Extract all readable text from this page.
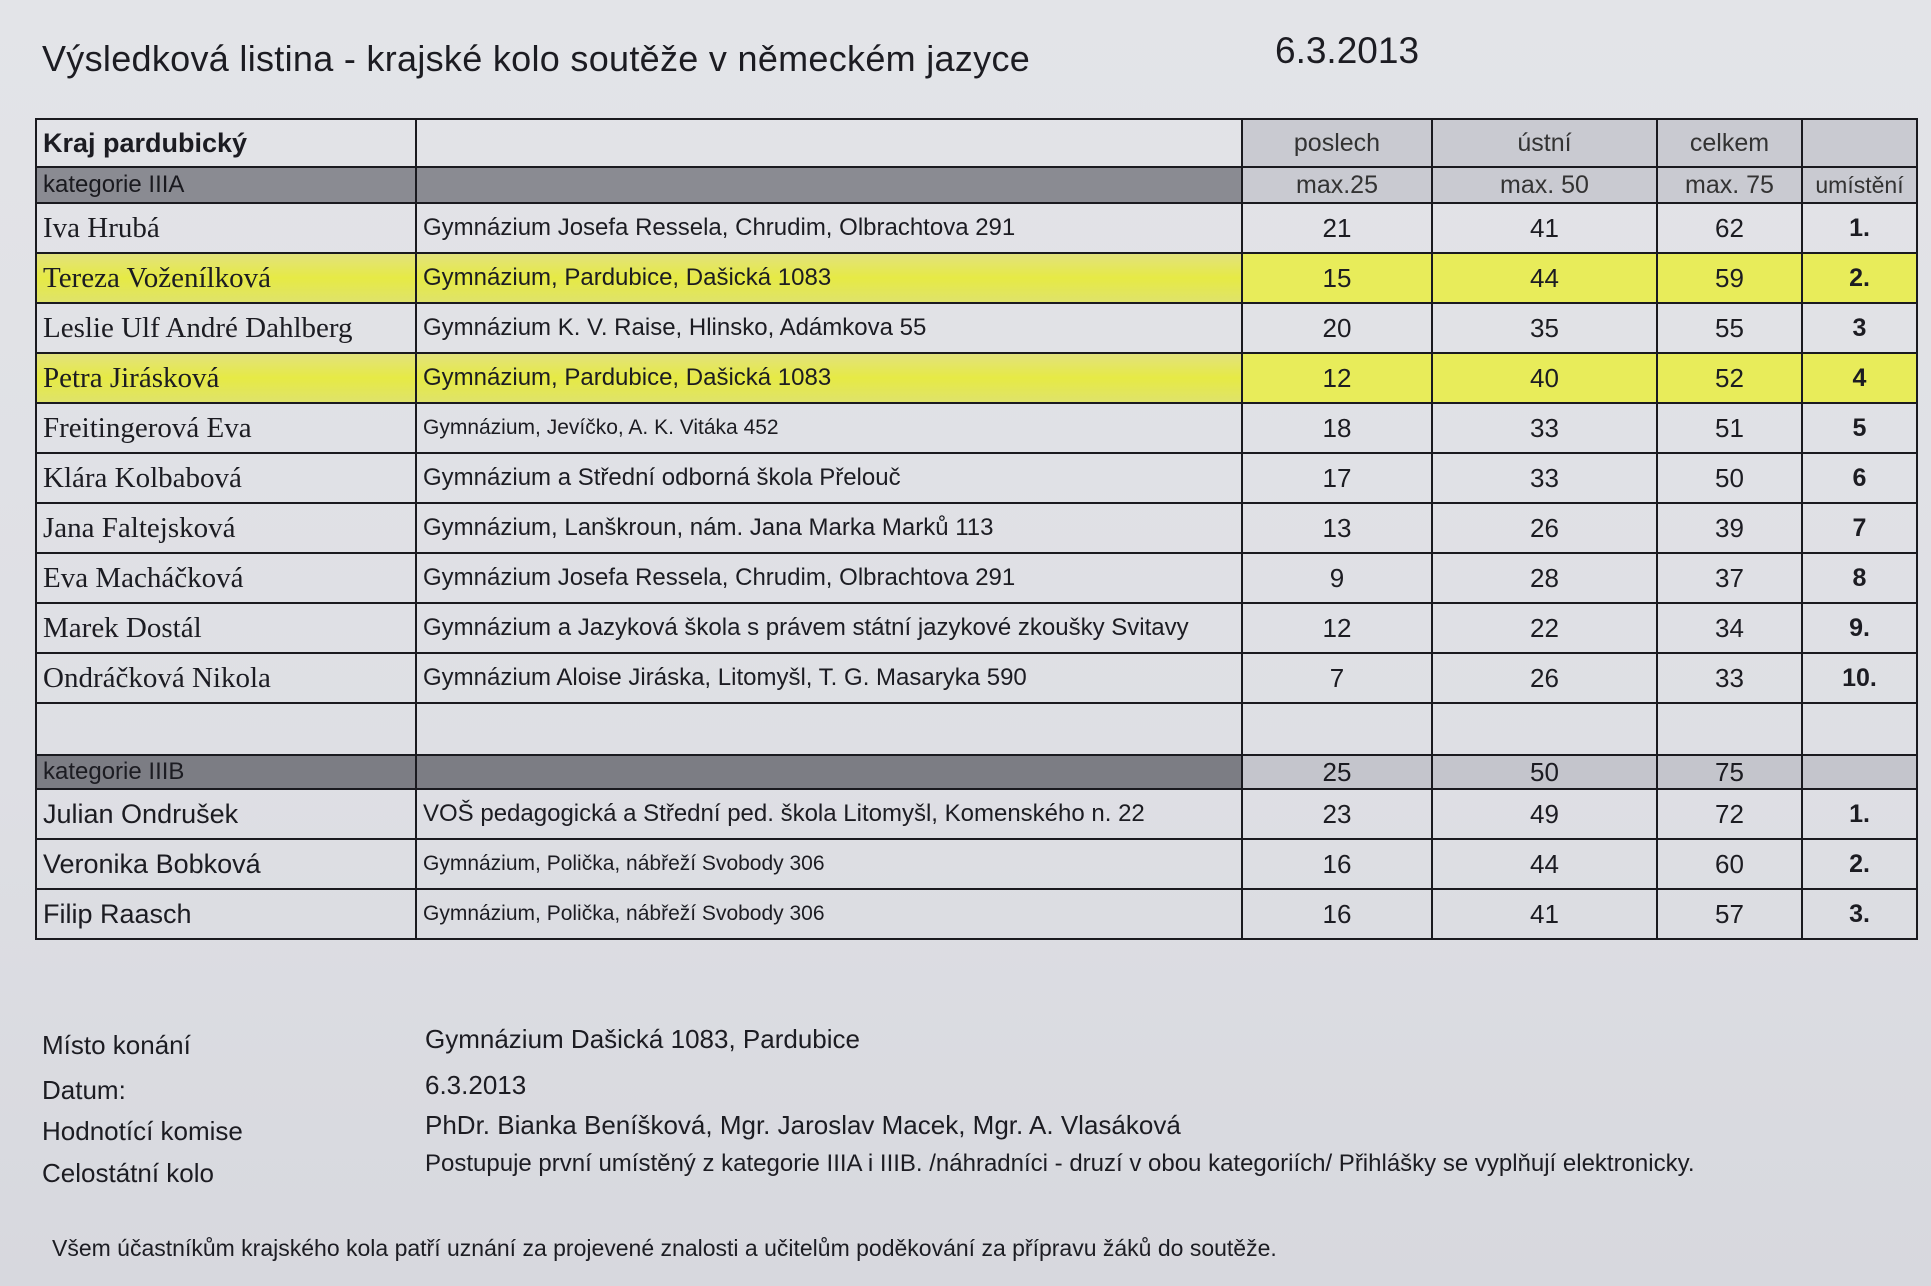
Výsledková listina - krajské kolo soutěže v německém jazyce	6.3.2013
Kraj pardubický		poslech	ústní	celkem	
kategorie IIIA		max.25	max. 50	max. 75	umístění
Iva Hrubá	Gymnázium Josefa Ressela, Chrudim, Olbrachtova 291	21	41	62	1.
Tereza Voženílková	Gymnázium, Pardubice, Dašická 1083	15	44	59	2.
Leslie Ulf André Dahlberg	Gymnázium K. V. Raise, Hlinsko, Adámkova 55	20	35	55	3
Petra Jirásková	Gymnázium, Pardubice, Dašická 1083	12	40	52	4
Freitingerová Eva	Gymnázium, Jevíčko, A. K. Vitáka 452	18	33	51	5
Klára Kolbabová	Gymnázium a Střední odborná škola Přelouč	17	33	50	6
Jana Faltejsková	Gymnázium, Lanškroun, nám. Jana Marka Marků 113	13	26	39	7
Eva Macháčková	Gymnázium Josefa Ressela, Chrudim, Olbrachtova 291	9	28	37	8
Marek Dostál	Gymnázium a Jazyková škola s právem státní jazykové zkoušky Svitavy	12	22	34	9.
Ondráčková Nikola	Gymnázium Aloise Jiráska, Litomyšl, T. G. Masaryka 590	7	26	33	10.

kategorie IIIB		25	50	75	
Julian Ondrušek	VOŠ pedagogická a Střední ped. škola Litomyšl, Komenského n. 22	23	49	72	1.
Veronika Bobková	Gymnázium, Polička, nábřeží Svobody 306	16	44	60	2.
Filip Raasch	Gymnázium, Polička, nábřeží Svobody 306	16	41	57	3.
Místo konání	Gymnázium Dašická 1083, Pardubice
Datum:	6.3.2013
Hodnotící komise	PhDr. Bianka Beníšková, Mgr. Jaroslav Macek, Mgr. A. Vlasáková
Celostátní kolo	Postupuje první umístěný z kategorie IIIA i IIIB. /náhradníci - druzí v obou kategoriích/ Přihlášky se vyplňují elektronicky.
Všem účastníkům krajského kola patří uznání za projevené znalosti a učitelům poděkování za přípravu žáků do soutěže.
